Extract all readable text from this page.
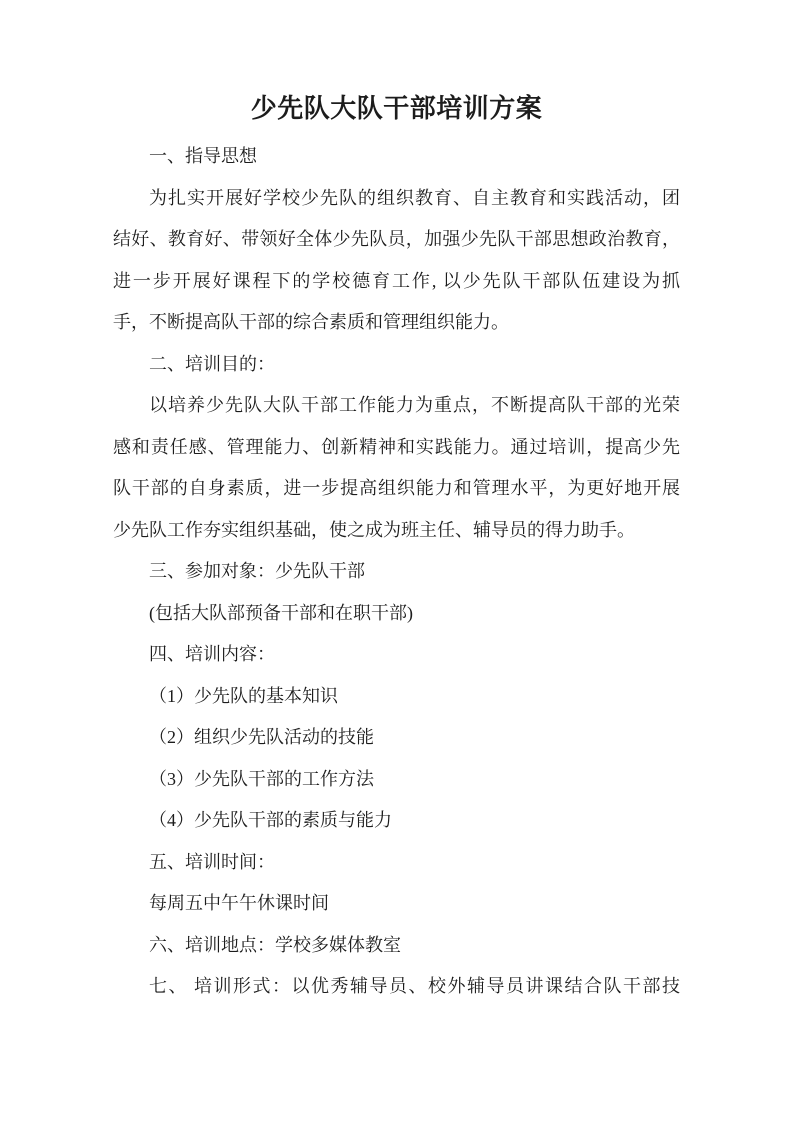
少先队大队干部培训方案

一、指导思想

为扎实开展好学校少先队的组织教育、自主教育和实践活动，团

结好、教育好、带领好全体少先队员，加强少先队干部思想政治教育，

进一步开展好课程下的学校德育工作, 以少先队干部队伍建设为抓

手，不断提高队干部的综合素质和管理组织能力。

二、培训目的：

以培养少先队大队干部工作能力为重点，不断提高队干部的光荣

感和责任感、管理能力、创新精神和实践能力。通过培训，提高少先

队干部的自身素质，进一步提高组织能力和管理水平，为更好地开展

少先队工作夯实组织基础，使之成为班主任、辅导员的得力助手。

三、参加对象：少先队干部

(包括大队部预备干部和在职干部)

四、培训内容：

（1）少先队的基本知识

（2）组织少先队活动的技能

（3）少先队干部的工作方法

（4）少先队干部的素质与能力

五、培训时间：

每周五中午午休课时间

六、培训地点：学校多媒体教室

七、 培训形式：以优秀辅导员、校外辅导员讲课结合队干部技
